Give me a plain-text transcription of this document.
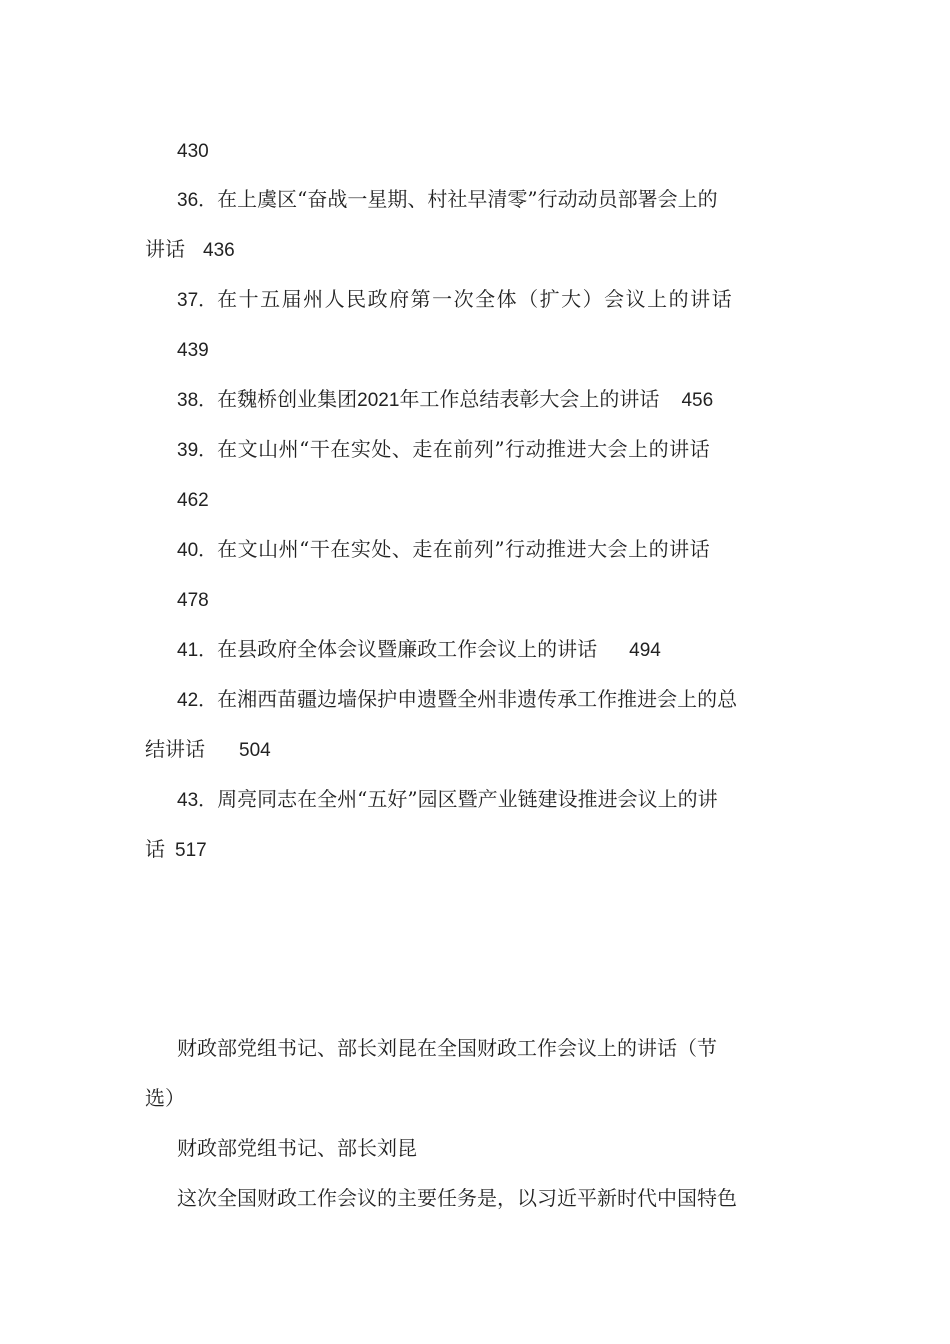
430
36．在上虞区“奋战一星期、村社早清零”行动动员部署会上的
讲话 436
37．在十五届州人民政府第一次全体（扩大）会议上的讲话
439
38．在魏桥创业集团2021年工作总结表彰大会上的讲话 456
39．在文山州“干在实处、走在前列”行动推进大会上的讲话
462
40．在文山州“干在实处、走在前列”行动推进大会上的讲话
478
41．在县政府全体会议暨廉政工作会议上的讲话 494
42．在湘西苗疆边墙保护申遗暨全州非遗传承工作推进会上的总
结讲话 504
43．周亮同志在全州“五好”园区暨产业链建设推进会议上的讲
话 517
财政部党组书记、部长刘昆在全国财政工作会议上的讲话（节
选）
财政部党组书记、部长刘昆
这次全国财政工作会议的主要任务是，以习近平新时代中国特色
